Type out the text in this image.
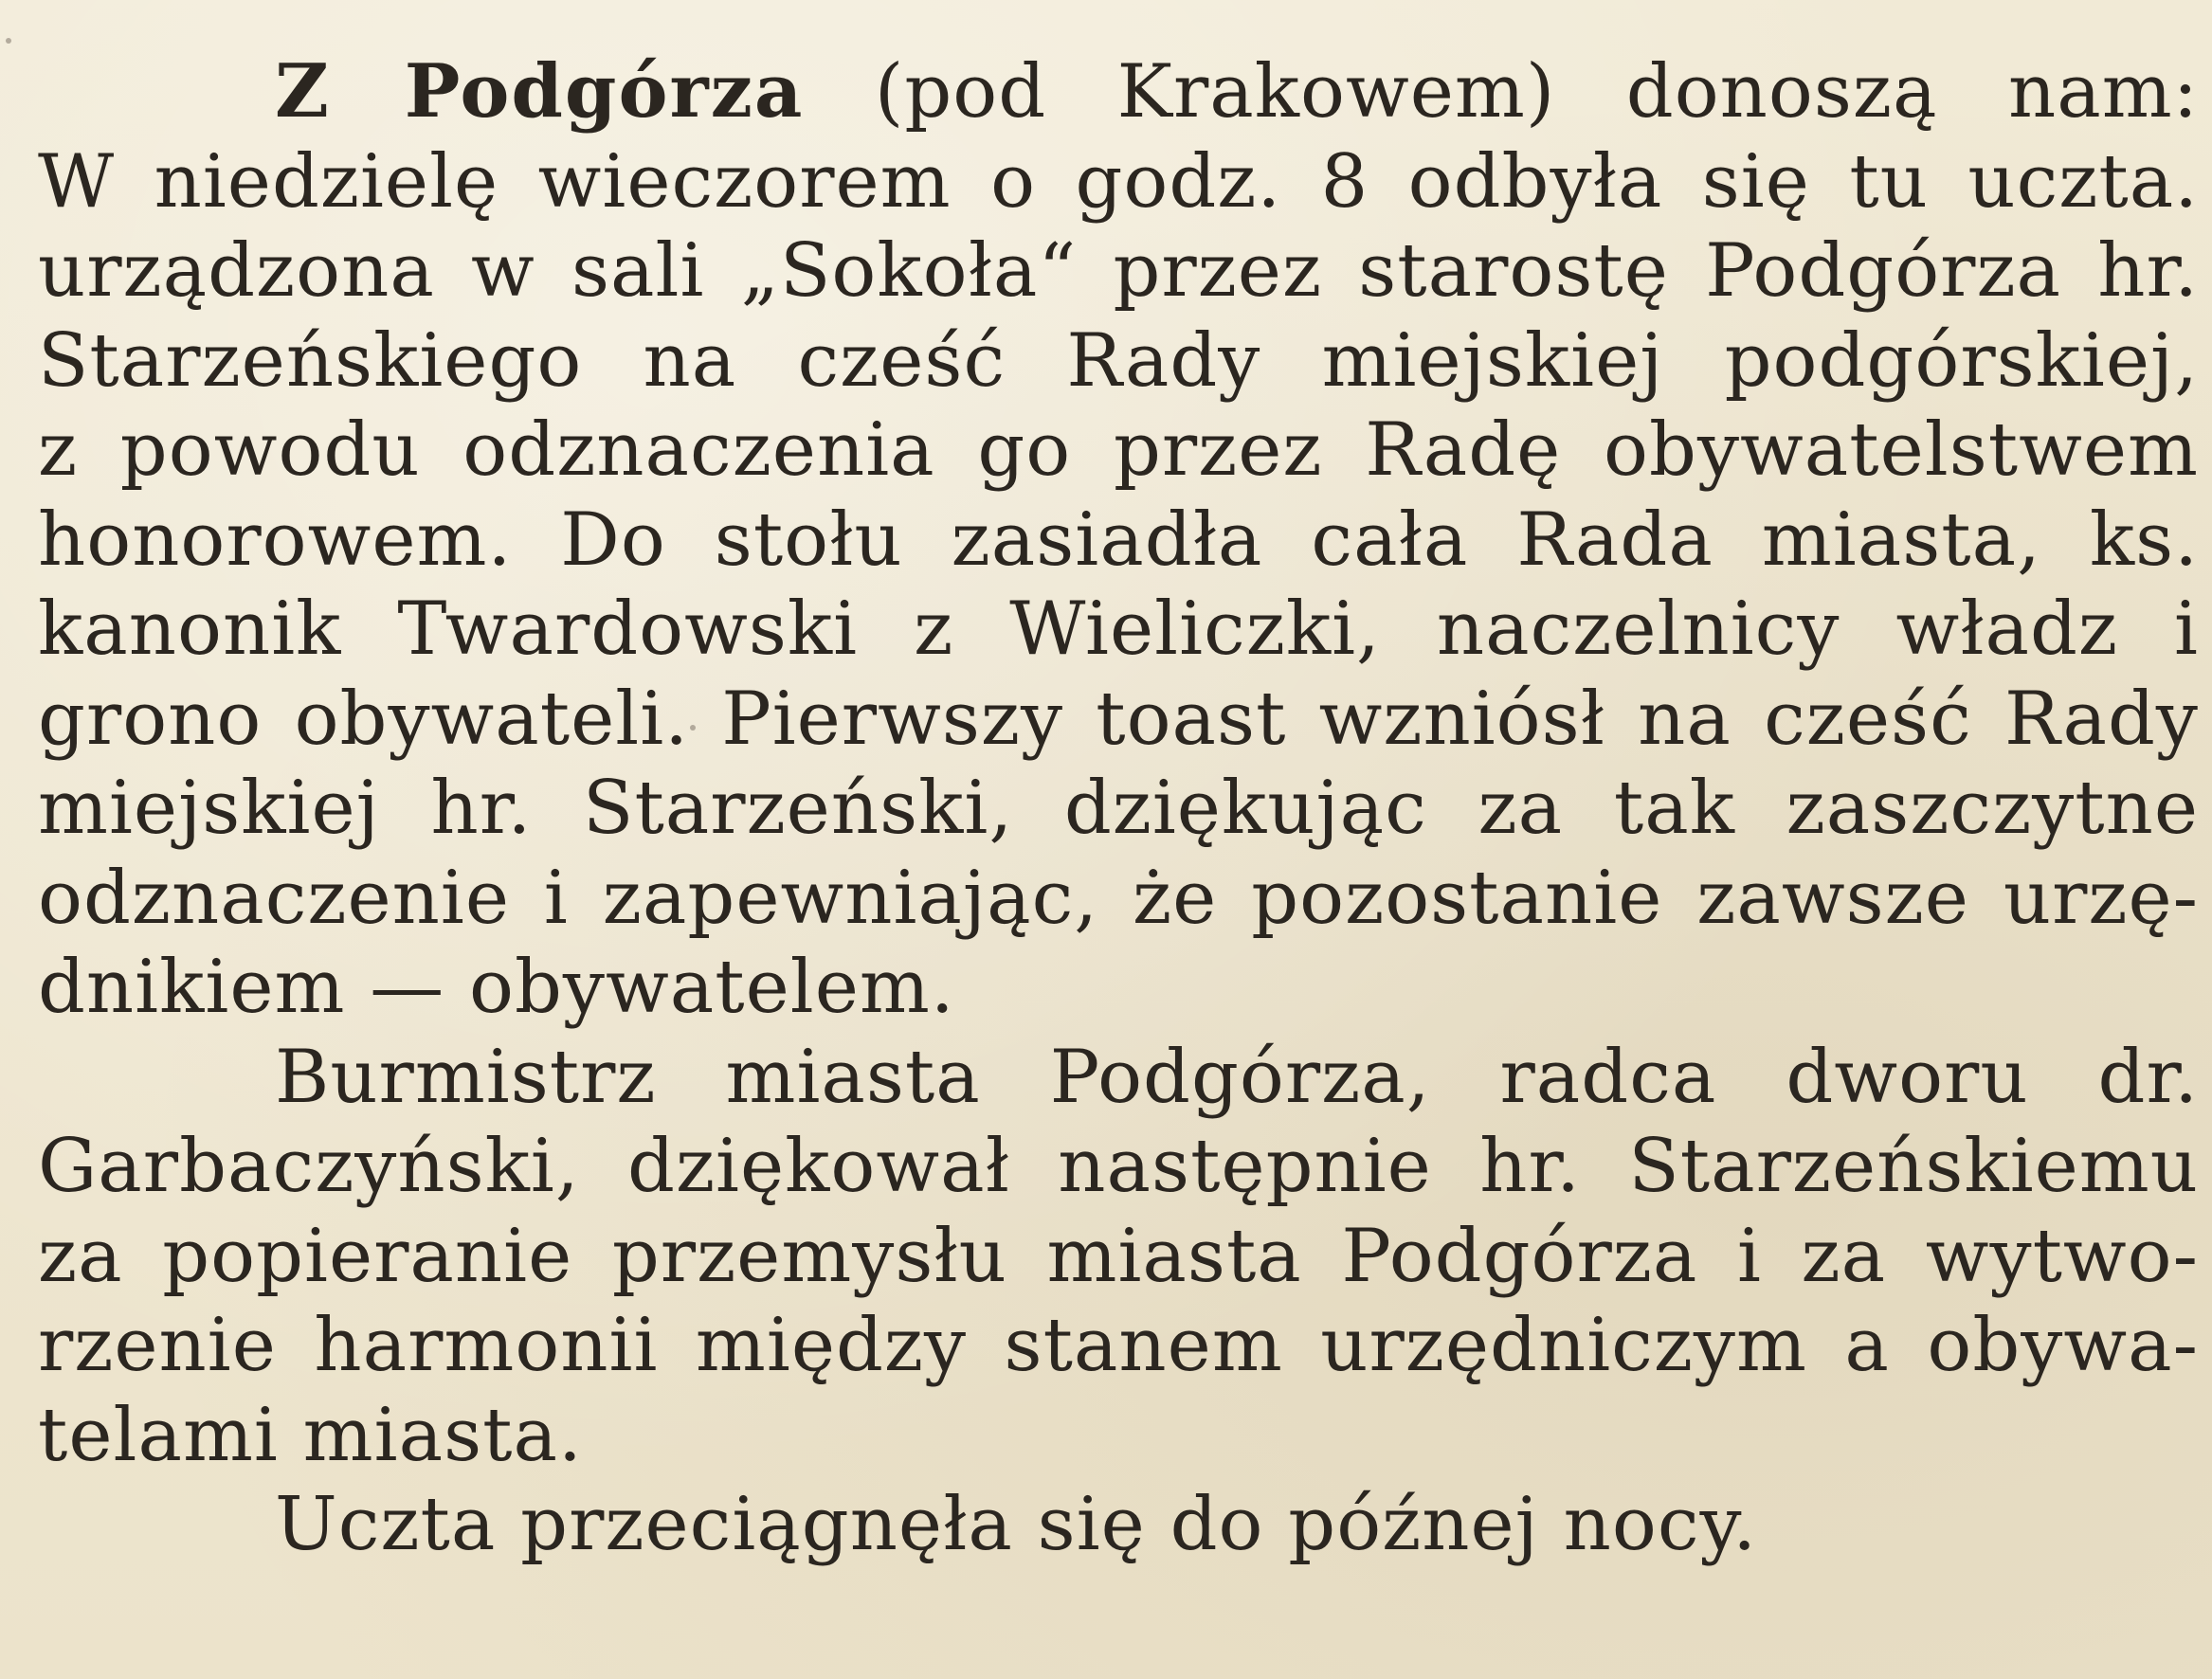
Z Podgórza (pod Krakowem) donoszą nam:
W niedzielę wieczorem o godz. 8 odbyła się tu uczta.
urządzona w sali „Sokoła“ przez starostę Podgórza hr.
Starzeńskiego na cześć Rady miejskiej podgórskiej,
z powodu odznaczenia go przez Radę obywatelstwem
honorowem. Do stołu zasiadła cała Rada miasta, ks.
kanonik Twardowski z Wieliczki, naczelnicy władz i
grono obywateli. Pierwszy toast wzniósł na cześć Rady
miejskiej hr. Starzeński, dziękując za tak zaszczytne
odznaczenie i zapewniając, że pozostanie zawsze urzę-
dnikiem — obywatelem.
Burmistrz miasta Podgórza, radca dworu dr.
Garbaczyński, dziękował następnie hr. Starzeńskiemu
za popieranie przemysłu miasta Podgórza i za wytwo-
rzenie harmonii między stanem urzędniczym a obywa-
telami miasta.
Uczta przeciągnęła się do późnej nocy.
